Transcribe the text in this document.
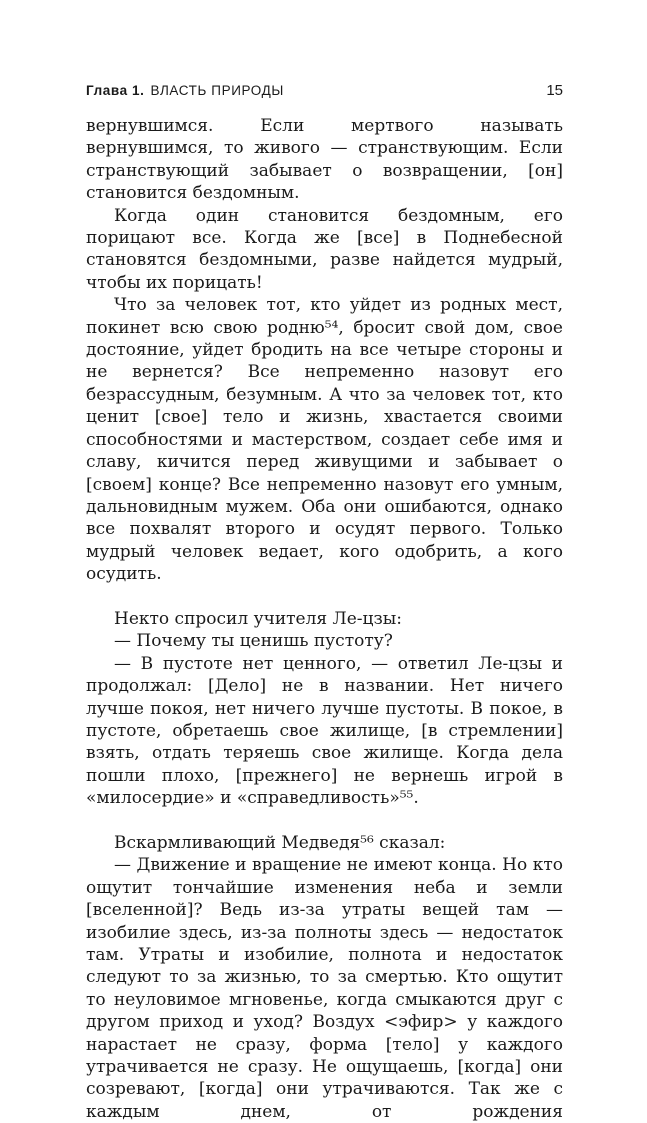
Глава 1. ВЛАСТЬ ПРИРОДЫ	15

вернувшимся. Если мертвого называть вернувшимся, то живого — странствующим. Если странствующий забывает о возвращении, [он] становится бездомным.

Когда один становится бездомным, его порицают все. Когда же [все] в Поднебесной становятся бездомными, разве найдется мудрый, чтобы их порицать!

Что за человек тот, кто уйдет из родных мест, покинет всю свою родню⁵⁴, бросит свой дом, свое достояние, уйдет бродить на все четыре стороны и не вернется? Все непременно назовут его безрассудным, безумным. А что за человек тот, кто ценит [свое] тело и жизнь, хвастается своими способностями и мастерством, создает себе имя и славу, кичится перед живущими и забывает о [своем] конце? Все непременно назовут его умным, дальновидным мужем. Оба они ошибаются, однако все похвалят второго и осудят первого. Только мудрый человек ведает, кого одобрить, а кого осудить.

Некто спросил учителя Ле-цзы:

— Почему ты ценишь пустоту?

— В пустоте нет ценного, — ответил Ле-цзы и продолжал: [Дело] не в названии. Нет ничего лучше покоя, нет ничего лучше пустоты. В покое, в пустоте, обретаешь свое жилище, [в стремлении] взять, отдать теряешь свое жилище. Когда дела пошли плохо, [прежнего] не вернешь игрой в «милосердие» и «справедливость»⁵⁵.

Вскармливающий Медведя⁵⁶ сказал:

— Движение и вращение не имеют конца. Но кто ощутит тончайшие изменения неба и земли [вселенной]? Ведь из-за утраты вещей там — изобилие здесь, из-за полноты здесь — недостаток там. Утраты и изобилие, полнота и недостаток следуют то за жизнью, то за смертью. Кто ощутит то неуловимое мгновенье, когда смыкаются друг с другом приход и уход? Воздух <эфир> у каждого нарастает не сразу, форма [тело] у каждого утрачивается не сразу. Не ощущаешь, [когда] они созревают, [когда] они утрачиваются. Так же с каждым днем, от рождения
